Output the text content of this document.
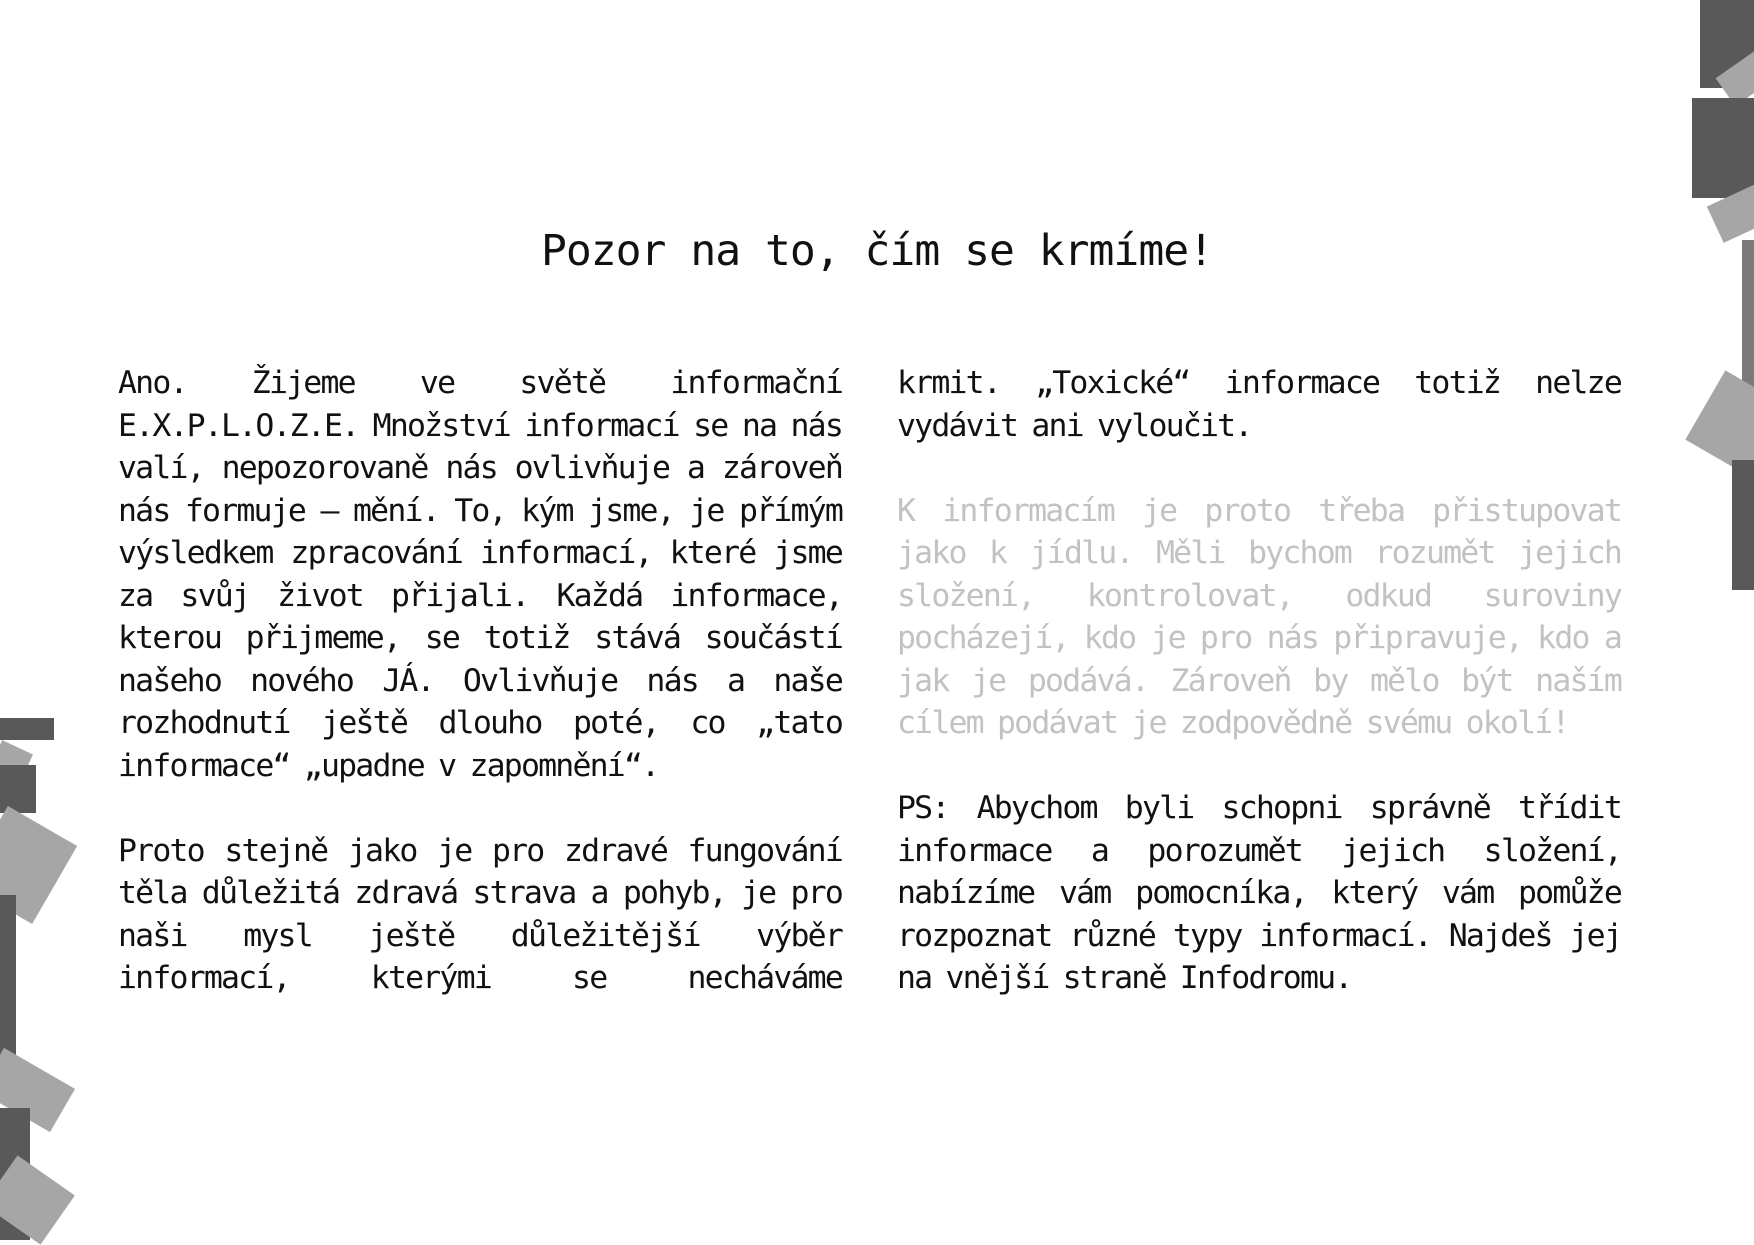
Pozor na to, čím se krmíme!

Ano. Žijeme ve světě informační E.X.P.L.O.Z.E. Množství informací se na nás valí, nepozorovaně nás ovlivňuje a zároveň nás formuje – mění. To, kým jsme, je přímým výsledkem zpracování informací, které jsme za svůj život přijali. Každá informace, kterou přijmeme, se totiž stává součástí našeho nového JÁ. Ovlivňuje nás a naše rozhodnutí ještě dlouho poté, co „tato informace“ „upadne v zapomnění“.

Proto stejně jako je pro zdravé fungování těla důležitá zdravá strava a pohyb, je pro naši mysl ještě důležitější výběr informací, kterými se necháváme

krmit. „Toxické“ informace totiž nelze vydávit ani vyloučit.

K informacím je proto třeba přistupovat jako k jídlu. Měli bychom rozumět jejich složení, kontrolovat, odkud suroviny pocházejí, kdo je pro nás připravuje, kdo a jak je podává. Zároveň by mělo být naším cílem podávat je zodpovědně svému okolí!

PS: Abychom byli schopni správně třídit informace a porozumět jejich složení, nabízíme vám pomocníka, který vám pomůže rozpoznat různé typy informací. Najdeš jej na vnější straně Infodromu.
